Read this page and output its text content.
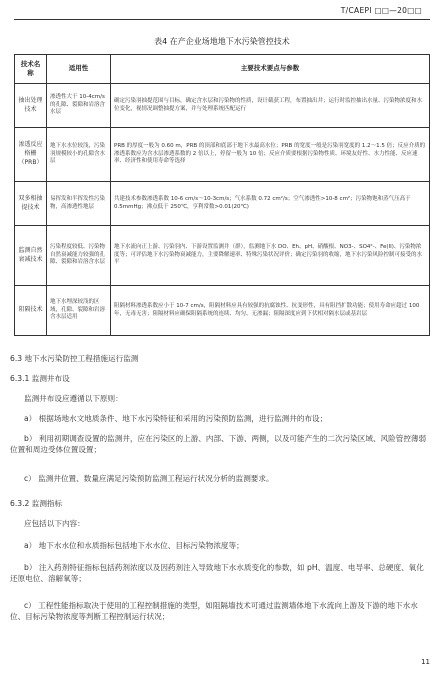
T/CAEPI □□—20□□
表4 在产企业场地地下水污染管控技术
技术名称	适用性	主要技术要点与参数
抽出处理技术	渗透性大于 10-4cm/s的孔隙、裂隙和岩溶含水层	确定污染羽抽提范围与目标，确定含水层和污染物的性质，设计截获工程，布置抽出井；运行时监控抽出水量、污染物浓度和水位变化，视情况调整抽提方案，并与处理系统匹配运行
渗透反应格栅（PRB）	地下水水位较浅，污染羽规模较小的孔隙含水层	PRB 的厚度一般为 0.60 m，PRB 的顶部和底部于地下水最高水位；PRB 的宽度一般是污染羽宽度的 1.2～1.5 倍；反应介质的渗透系数应为含水层渗透系数的 2 倍以上，停留一般为 10 倍；反应介质要根据污染物性质、环境友好性、水力性能、反应速率、经济性和使用寿命等选择
双多相抽提技术	易挥发和半挥发性污染物，高渗透性地层	共建技术参数渗透系数 10-6 cm/s～10-3cm/s；气水系数 0.72 cm²/s；空气渗透性>10-8 cm²；污染物饱和蒸气压高于 0.5mmHg；沸点低于 250℃，亨利常数>0.01(20℃)
监测自然衰减技术	污染程度较低、污染物自然衰减能力较强的孔隙、裂隙和岩溶含水层	地下水流向正上游、污染羽内、下游设置监测井（群），监测地下水 DO、Eh、pH、硝酸根、NO3-、SO4²-、Fe(II)、污染物浓度等；可评估地下水污染物衰减能力，主要降解速率、特殊污染状况评价；确定污染羽的收缩，地下水污染风险控制可接受的水平
阻隔技术	地下水埋深较浅的区域，孔隙、裂隙和岩溶含水层适用	阻隔材料渗透系数应小于 10-7 cm/s，阻隔材料应具有较强的抗腐蚀性、抗变形性，具有阻挡扩散功能；使用寿命应超过 100 年，无毒无害；阻隔材料应确保阻隔系统的连续、均匀、无渗漏；阻隔深度应到下伏相对隔水层或基岩层
6.3 地下水污染防控工程措施运行监测
6.3.1 监测井布设
监测井布设应遵循以下原则：
a） 根据场地水文地质条件、地下水污染特征和采用的污染预防监测，进行监测井的布设；
b） 利用初期调查设置的监测井，应在污染区的上游、内部、下游、两侧，以及可能产生的二次污染区域、风险管控薄弱位置和周边受体位置设置；
c） 监测井位置、数量应满足污染预防监测工程运行状况分析的监测要求。
6.3.2 监测指标
应包括以下内容：
a） 地下水水位和水质指标包括地下水水位、目标污染物浓度等；
b） 注入药剂特征指标包括药剂浓度以及因药剂注入导致地下水水质变化的参数，如 pH、温度、电导率、总硬度、氧化还原电位、溶解氧等；
c） 工程性能指标取决于使用的工程控制措施的类型，如阻隔墙技术可通过监测墙体地下水流向上游及下游的地下水水位、目标污染物浓度等判断工程控制运行状况；
11
